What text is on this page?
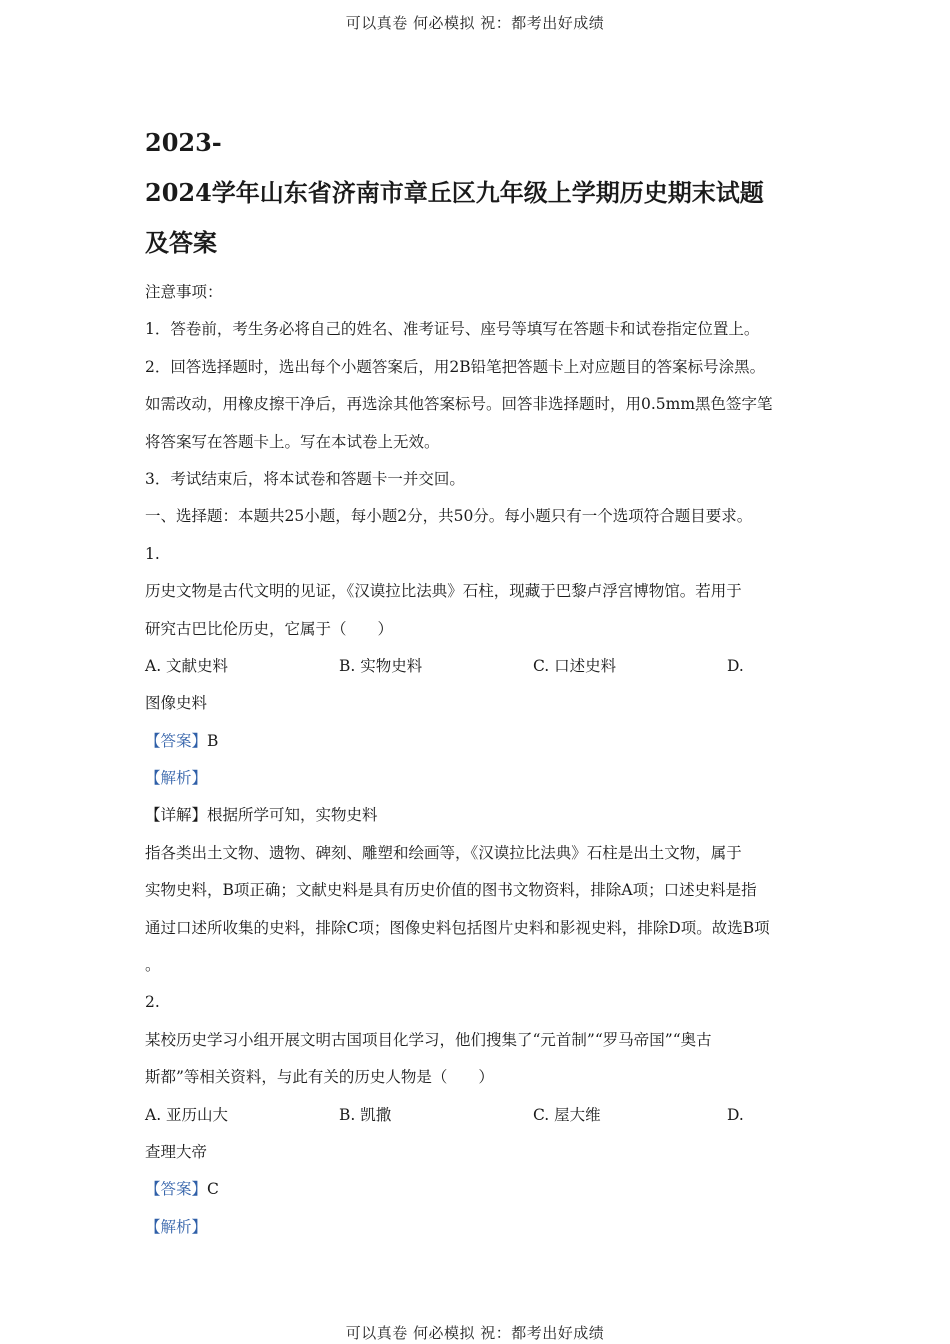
可以真卷 何必模拟 祝：都考出好成绩
2023-
2024学年山东省济南市章丘区九年级上学期历史期末试题
及答案
注意事项：
1．答卷前，考生务必将自己的姓名、准考证号、座号等填写在答题卡和试卷指定位置上。
2．回答选择题时，选出每个小题答案后，用2B铅笔把答题卡上对应题目的答案标号涂黑。
如需改动，用橡皮擦干净后，再选涂其他答案标号。回答非选择题时，用0.5mm黑色签字笔
将答案写在答题卡上。写在本试卷上无效。
3．考试结束后，将本试卷和答题卡一并交回。
一、选择题：本题共25小题，每小题2分，共50分。每小题只有一个选项符合题目要求。
1.
历史文物是古代文明的见证，《汉谟拉比法典》石柱，现藏于巴黎卢浮宫博物馆。若用于
研究古巴比伦历史，它属于（　　）
A. 文献史料	B. 实物史料	C. 口述史料	D.
图像史料
【答案】B
【解析】
【详解】根据所学可知，实物史料
指各类出土文物、遗物、碑刻、雕塑和绘画等，《汉谟拉比法典》石柱是出土文物，属于
实物史料，B项正确；文献史料是具有历史价值的图书文物资料，排除A项；口述史料是指
通过口述所收集的史料，排除C项；图像史料包括图片史料和影视史料，排除D项。故选B项
。
2.
某校历史学习小组开展文明古国项目化学习，他们搜集了“元首制”“罗马帝国”“奥古
斯都”等相关资料，与此有关的历史人物是（　　）
A. 亚历山大	B. 凯撒	C. 屋大维	D.
查理大帝
【答案】C
【解析】
可以真卷 何必模拟 祝：都考出好成绩
